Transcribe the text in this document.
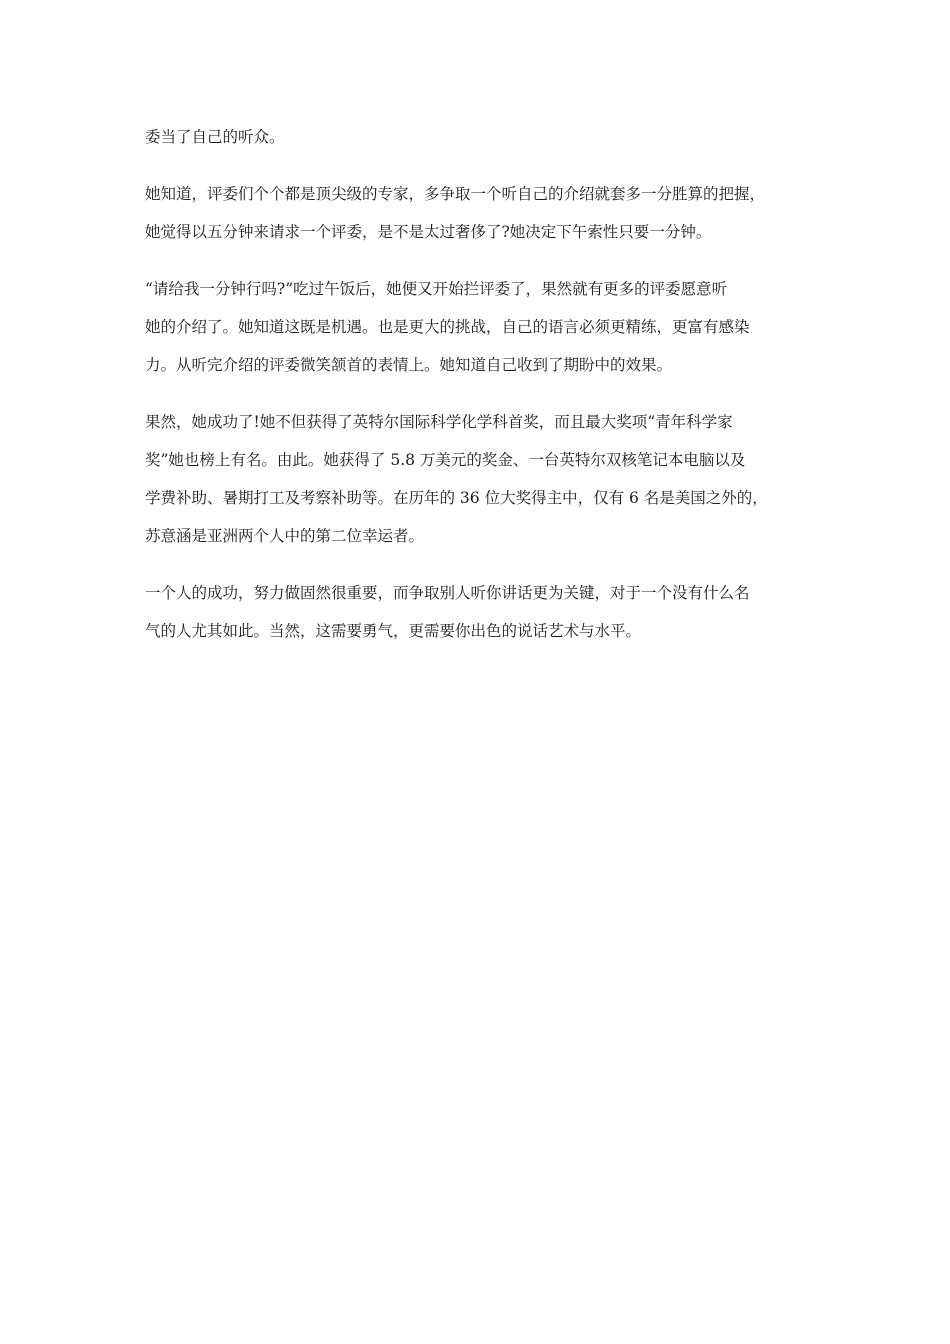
委当了自己的听众。
她知道，评委们个个都是顶尖级的专家，多争取一个听自己的介绍就套多一分胜算的把握，
她觉得以五分钟来请求一个评委，是不是太过奢侈了?她决定下午索性只要一分钟。
“请给我一分钟行吗?”吃过午饭后，她便又开始拦评委了，果然就有更多的评委愿意听
她的介绍了。她知道这既是机遇。也是更大的挑战，自己的语言必须更精练，更富有感染
力。从听完介绍的评委微笑颔首的表情上。她知道自己收到了期盼中的效果。
果然，她成功了!她不但获得了英特尔国际科学化学科首奖，而且最大奖项“青年科学家
奖”她也榜上有名。由此。她获得了 5.8 万美元的奖金、一台英特尔双核笔记本电脑以及
学费补助、暑期打工及考察补助等。在历年的 36 位大奖得主中，仅有 6 名是美国之外的，
苏意涵是亚洲两个人中的第二位幸运者。
一个人的成功，努力做固然很重要，而争取别人听你讲话更为关键，对于一个没有什么名
气的人尤其如此。当然，这需要勇气，更需要你出色的说话艺术与水平。
